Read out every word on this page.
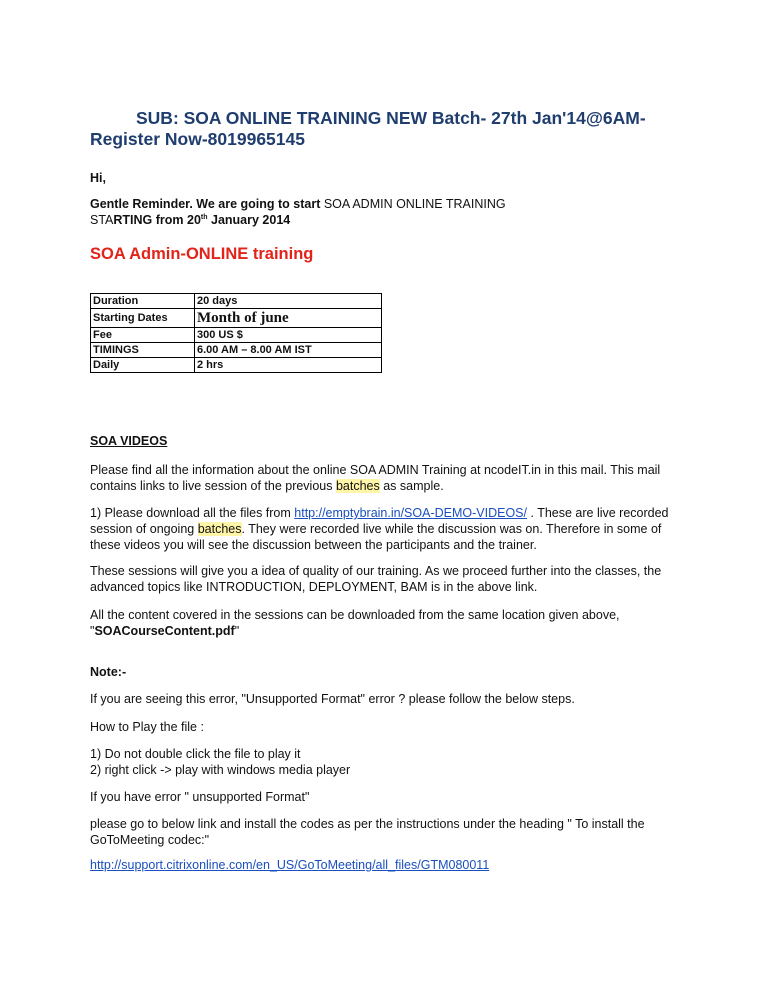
SUB: SOA ONLINE TRAINING NEW Batch- 27th Jan'14@6AM-
Register Now-8019965145
Hi,
Gentle Reminder. We are going to start SOA ADMIN ONLINE TRAINING
STARTING from 20th January 2014
SOA Admin-ONLINE training
Duration	20 days
Starting Dates	Month of june
Fee	300 US $
TIMINGS	6.00 AM – 8.00 AM IST
Daily	2 hrs
SOA VIDEOS
Please find all the information about the online SOA ADMIN Training at ncodeIT.in in this mail. This mail
contains links to live session of the previous batches as sample.
1) Please download all the files from http://emptybrain.in/SOA-DEMO-VIDEOS/ . These are live recorded
session of ongoing batches. They were recorded live while the discussion was on. Therefore in some of
these videos you will see the discussion between the participants and the trainer.
These sessions will give you a idea of quality of our training. As we proceed further into the classes, the
advanced topics like INTRODUCTION, DEPLOYMENT, BAM is in the above link.
All the content covered in the sessions can be downloaded from the same location given above,
"SOACourseContent.pdf"
Note:-
If you are seeing this error, "Unsupported Format" error ? please follow the below steps.
How to Play the file :
1) Do not double click the file to play it
2) right click -> play with windows media player
If you have error " unsupported Format"
please go to below link and install the codes as per the instructions under the heading " To install the
GoToMeeting codec:"
http://support.citrixonline.com/en_US/GoToMeeting/all_files/GTM080011
